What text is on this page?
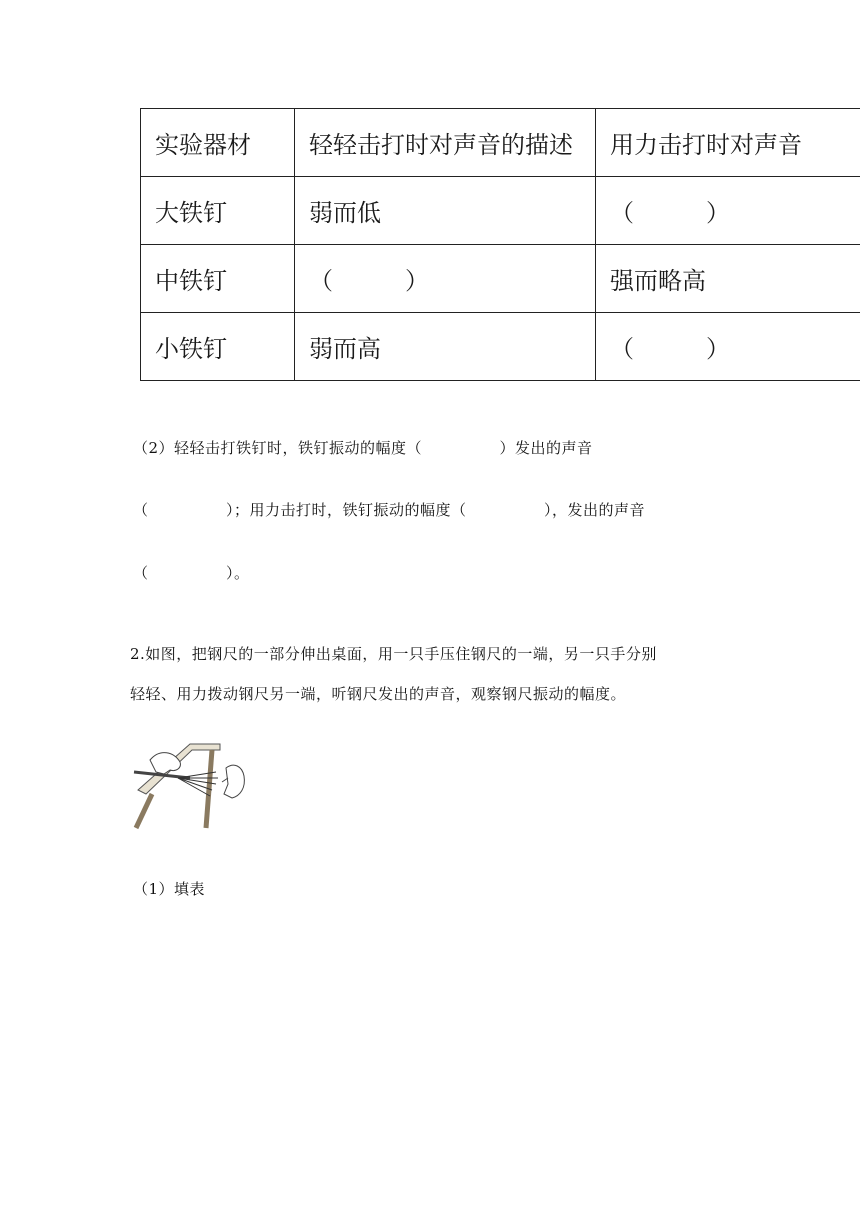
实验器材	轻轻击打时对声音的描述	用力击打时对声音
大铁钉	弱而低	（　　　）
中铁钉	（　　　）	强而略高
小铁钉	弱而高	（　　　）
（2）轻轻击打铁钉时，铁钉振动的幅度（　　　　　）发出的声音
（　　　　　）；用力击打时，铁钉振动的幅度（　　　　　），发出的声音
（　　　　　）。
2.如图，把钢尺的一部分伸出桌面，用一只手压住钢尺的一端，另一只手分别
轻轻、用力拨动钢尺另一端，听钢尺发出的声音，观察钢尺振动的幅度。
（1）填表
